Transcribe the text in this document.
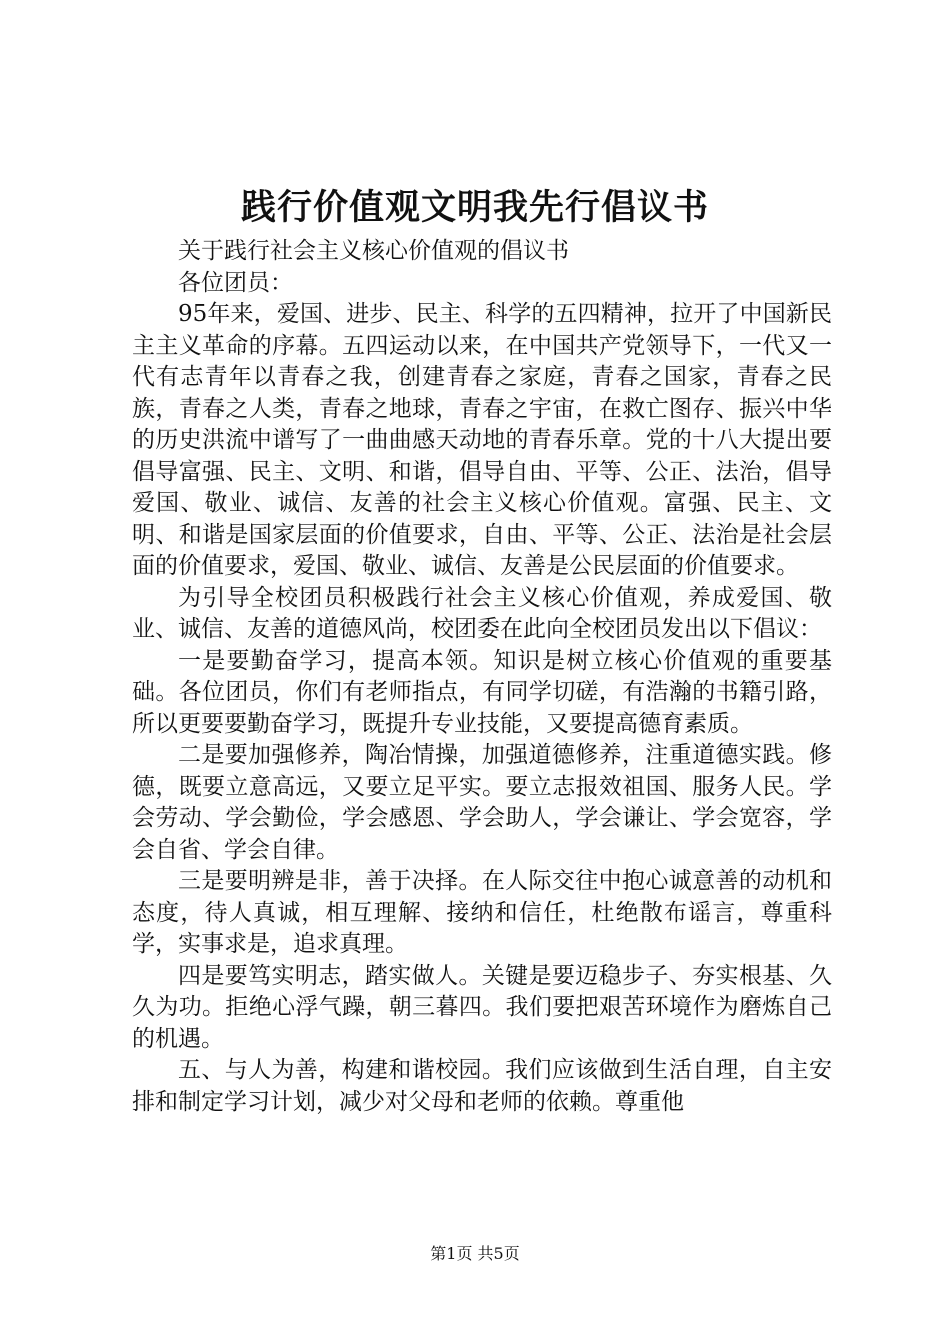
践行价值观文明我先行倡议书

关于践行社会主义核心价值观的倡议书

各位团员：

95年来，爱国、进步、民主、科学的五四精神，拉开了中国新民主主义革命的序幕。五四运动以来，在中国共产党领导下，一代又一代有志青年以青春之我，创建青春之家庭，青春之国家，青春之民族，青春之人类，青春之地球，青春之宇宙，在救亡图存、振兴中华的历史洪流中谱写了一曲曲感天动地的青春乐章。党的十八大提出要倡导富强、民主、文明、和谐，倡导自由、平等、公正、法治，倡导爱国、敬业、诚信、友善的社会主义核心价值观。富强、民主、文明、和谐是国家层面的价值要求，自由、平等、公正、法治是社会层面的价值要求，爱国、敬业、诚信、友善是公民层面的价值要求。

为引导全校团员积极践行社会主义核心价值观，养成爱国、敬业、诚信、友善的道德风尚，校团委在此向全校团员发出以下倡议：

一是要勤奋学习，提高本领。知识是树立核心价值观的重要基础。各位团员，你们有老师指点，有同学切磋，有浩瀚的书籍引路，所以更要要勤奋学习，既提升专业技能，又要提高德育素质。

二是要加强修养，陶冶情操，加强道德修养，注重道德实践。修德，既要立意高远，又要立足平实。要立志报效祖国、服务人民。学会劳动、学会勤俭，学会感恩、学会助人，学会谦让、学会宽容，学会自省、学会自律。

三是要明辨是非，善于决择。在人际交往中抱心诚意善的动机和态度，待人真诚，相互理解、接纳和信任，杜绝散布谣言，尊重科学，实事求是，追求真理。

四是要笃实明志，踏实做人。关键是要迈稳步子、夯实根基、久久为功。拒绝心浮气躁，朝三暮四。我们要把艰苦环境作为磨炼自己的机遇。

五、与人为善，构建和谐校园。我们应该做到生活自理，自主安排和制定学习计划，减少对父母和老师的依赖。尊重他

第1页 共5页
